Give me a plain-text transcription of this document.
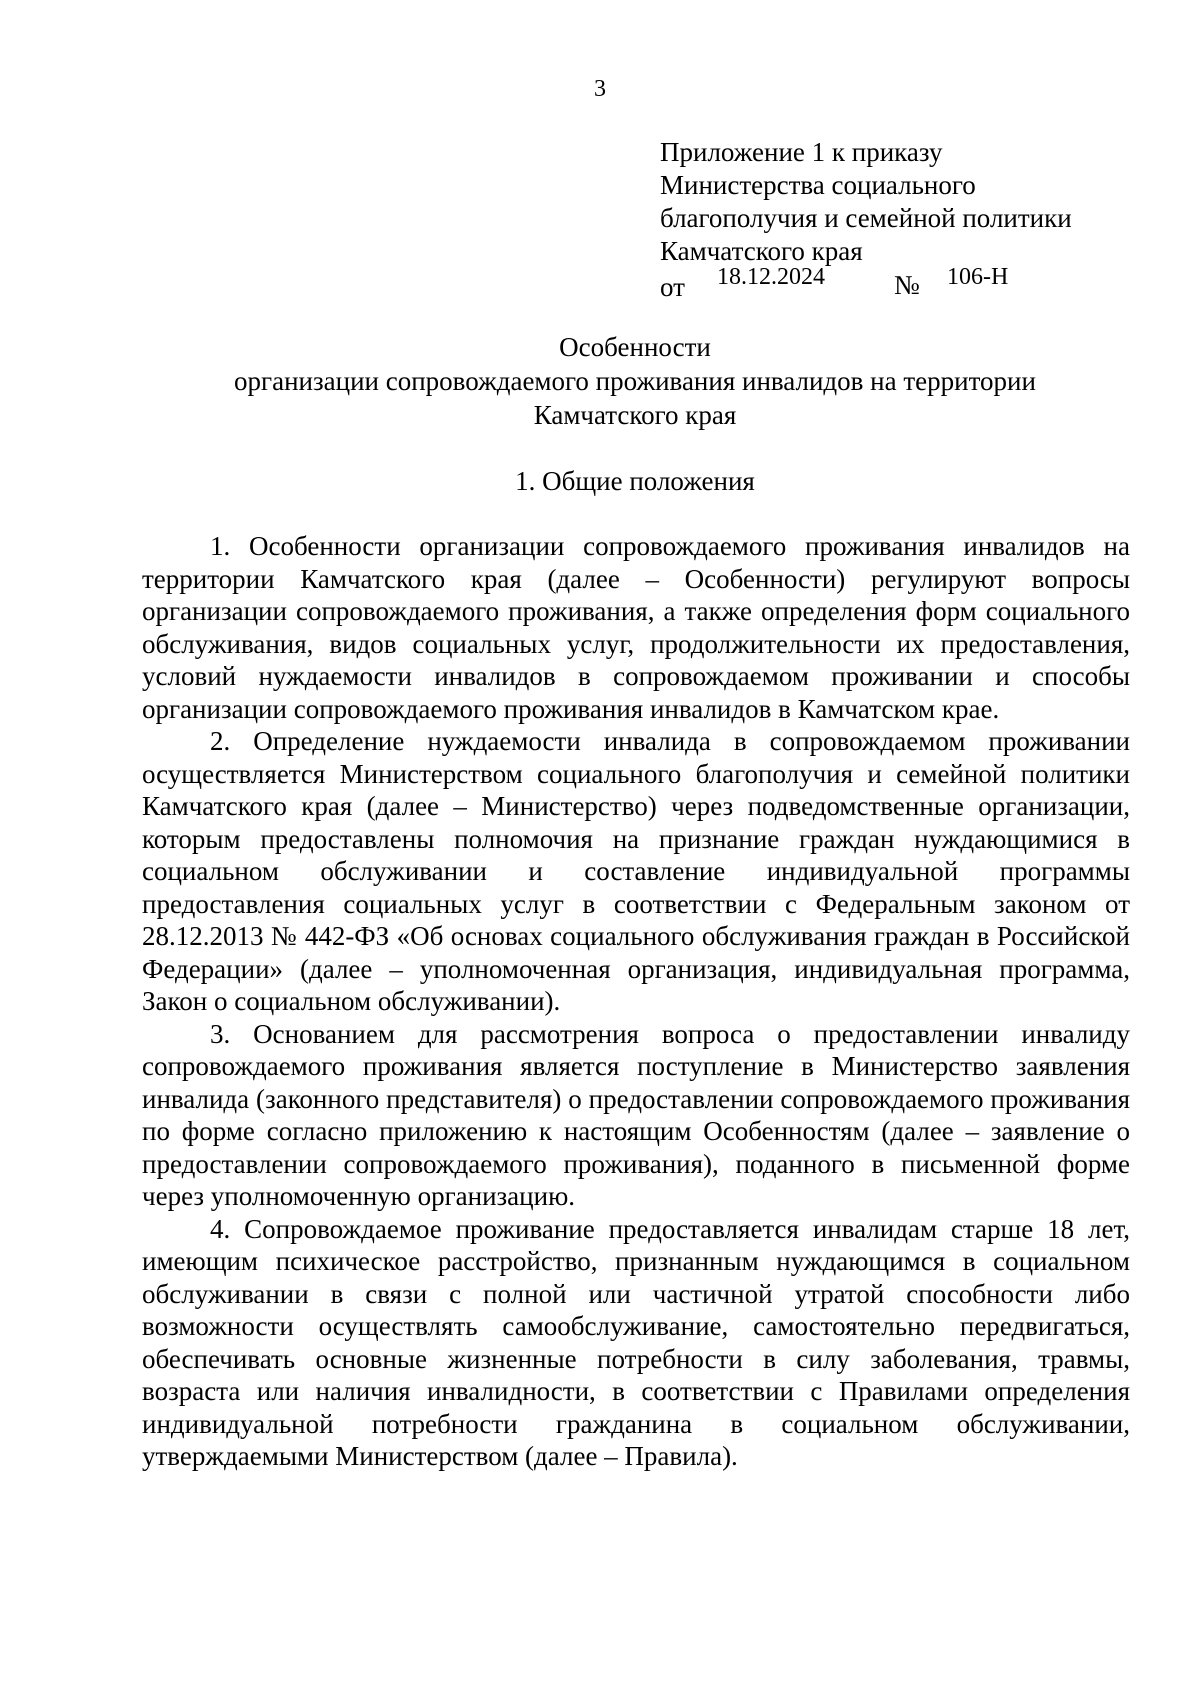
3
Приложение 1 к приказу
Министерства социального
благополучия и семейной политики
Камчатского края
от 18.12.2024	№ 106-Н
Особенности
организации сопровождаемого проживания инвалидов на территории
Камчатского края
1. Общие положения

1. Особенности организации сопровождаемого проживания инвалидов на территории Камчатского края (далее – Особенности) регулируют вопросы организации сопровождаемого проживания, а также определения форм социального обслуживания, видов социальных услуг, продолжительности их предоставления, условий нуждаемости инвалидов в сопровождаемом проживании и способы организации сопровождаемого проживания инвалидов в Камчатском крае.

2. Определение нуждаемости инвалида в сопровождаемом проживании осуществляется Министерством социального благополучия и семейной политики Камчатского края (далее – Министерство) через подведомственные организации, которым предоставлены полномочия на признание граждан нуждающимися в социальном обслуживании и составление индивидуальной программы предоставления социальных услуг в соответствии с Федеральным законом от 28.12.2013 № 442-ФЗ «Об основах социального обслуживания граждан в Российской Федерации» (далее – уполномоченная организация, индивидуальная программа, Закон о социальном обслуживании).

3. Основанием для рассмотрения вопроса о предоставлении инвалиду сопровождаемого проживания является поступление в Министерство заявления инвалида (законного представителя) о предоставлении сопровождаемого проживания по форме согласно приложению к настоящим Особенностям (далее – заявление о предоставлении сопровождаемого проживания), поданного в письменной форме через уполномоченную организацию.

4. Сопровождаемое проживание предоставляется инвалидам старше 18 лет, имеющим психическое расстройство, признанным нуждающимся в социальном обслуживании в связи с полной или частичной утратой способности либо возможности осуществлять самообслуживание, самостоятельно передвигаться, обеспечивать основные жизненные потребности в силу заболевания, травмы, возраста или наличия инвалидности, в соответствии с Правилами определения индивидуальной потребности гражданина в социальном обслуживании, утверждаемыми Министерством (далее – Правила).
